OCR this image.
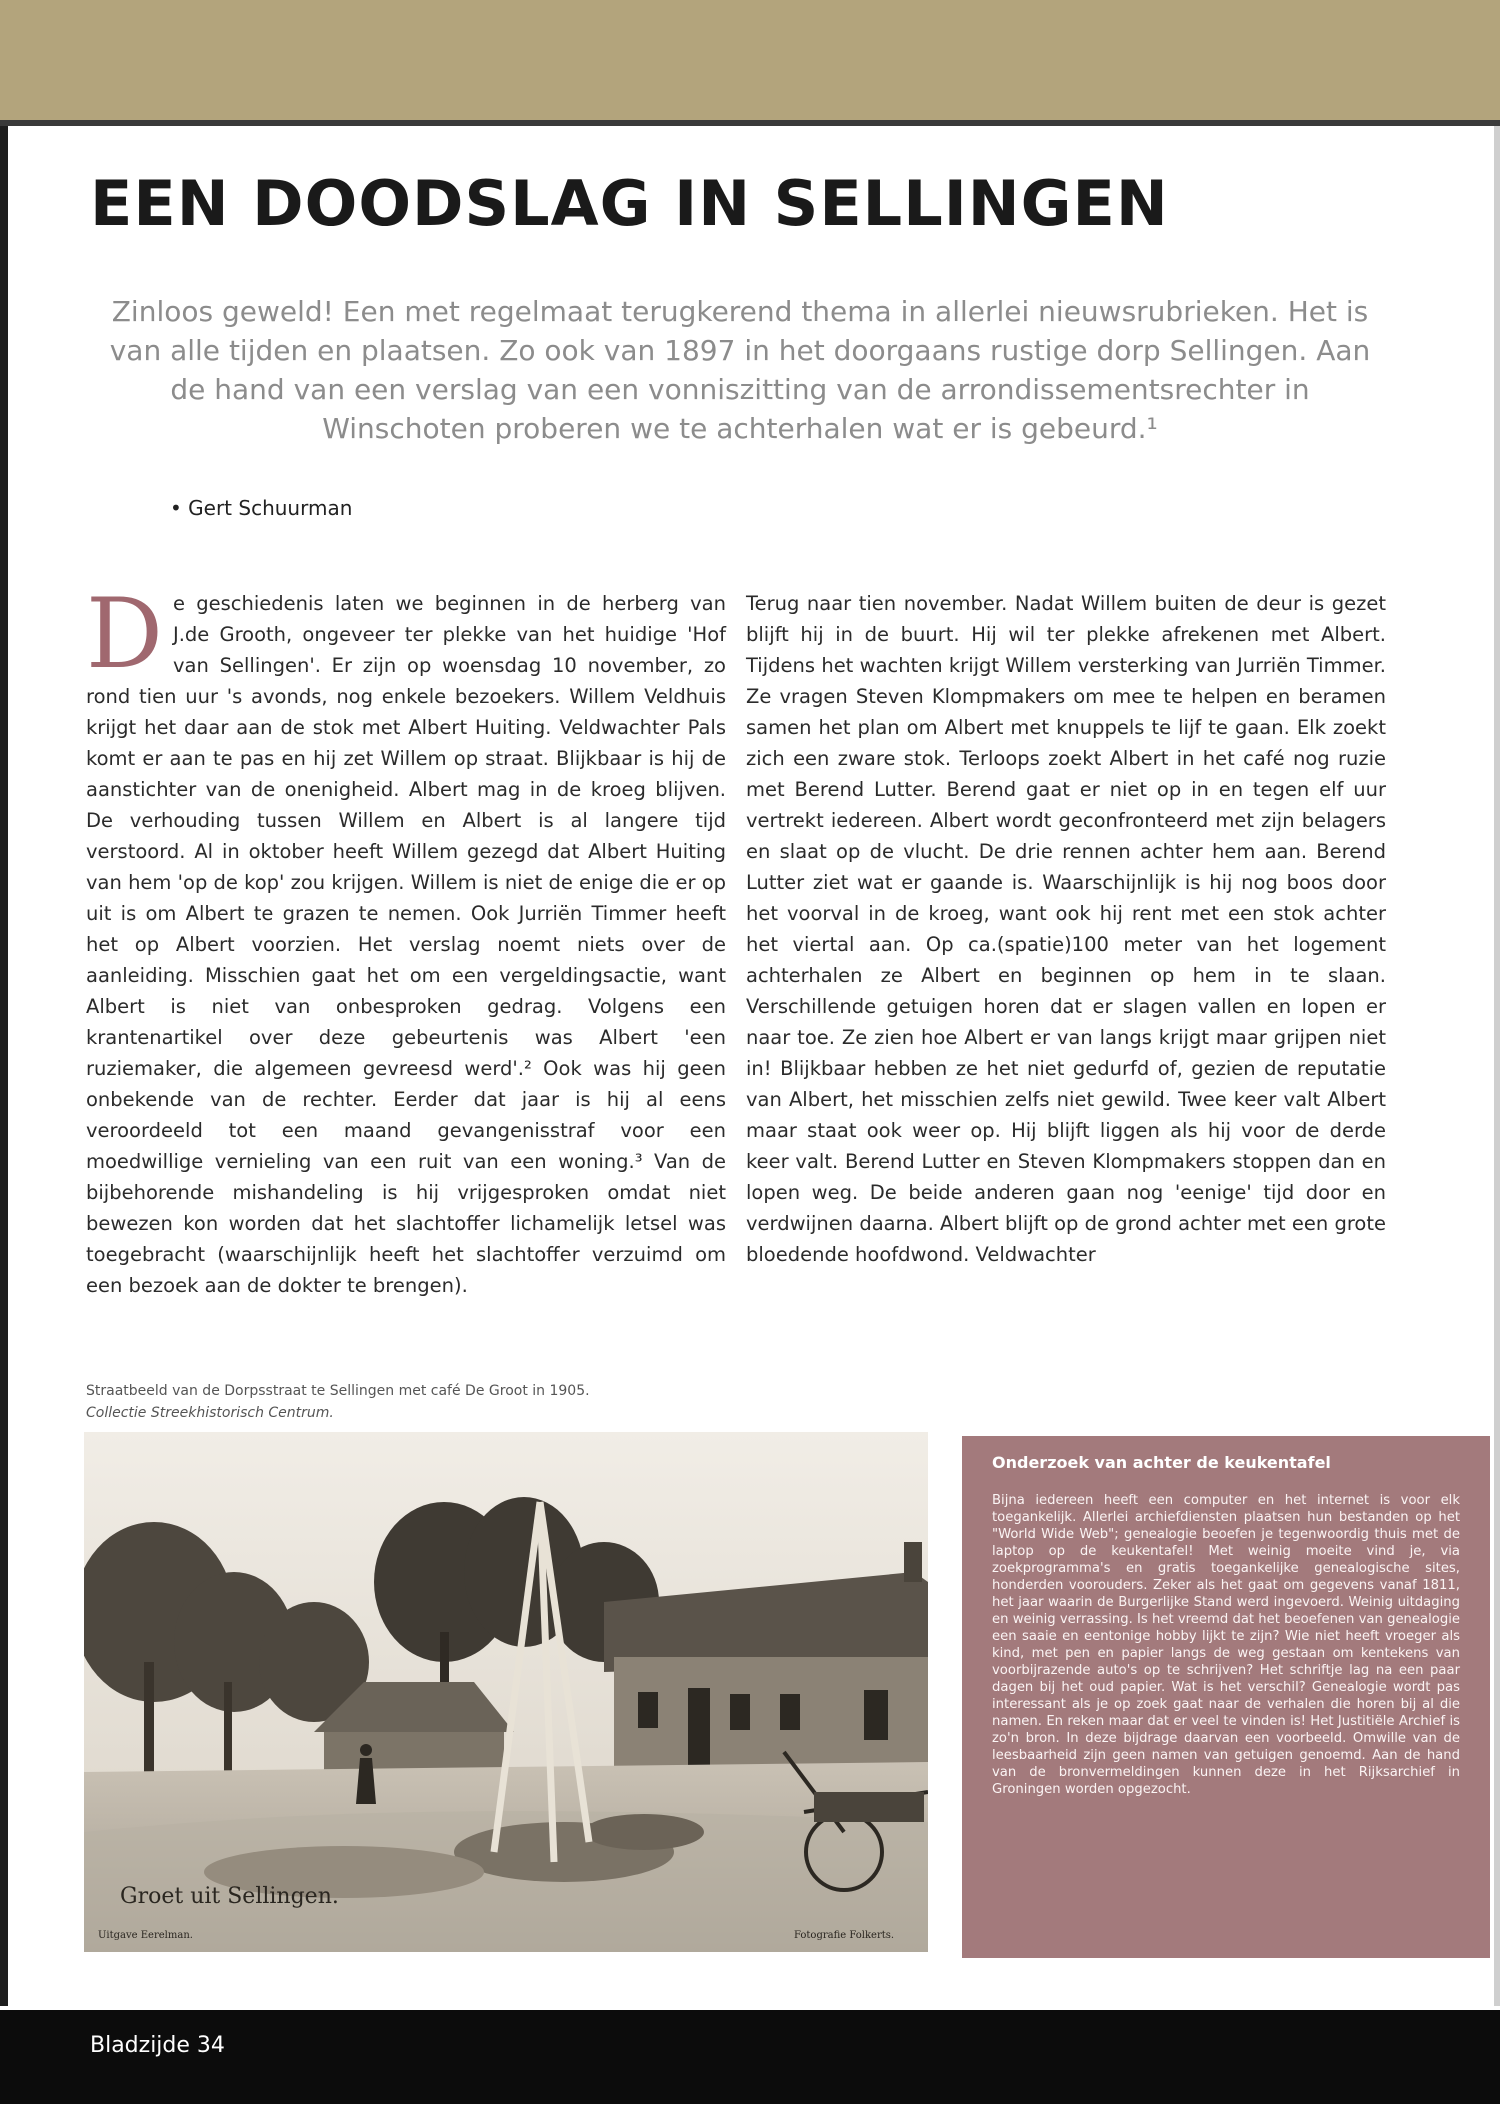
EEN DOODSLAG IN SELLINGEN

Zinloos geweld! Een met regelmaat terugkerend thema in allerlei nieuwsrubrieken. Het is van alle tijden en plaatsen. Zo ook van 1897 in het doorgaans rustige dorp Sellingen. Aan de hand van een verslag van een vonniszitting van de arrondissementsrechter in Winschoten proberen we te achterhalen wat er is gebeurd.¹

• Gert Schuurman

D e geschiedenis laten we beginnen in de herberg van J.de Grooth, ongeveer ter plekke van het huidige 'Hof van Sellingen'. Er zijn op woensdag 10 november, zo rond tien uur 's avonds, nog enkele bezoekers. Willem Veldhuis krijgt het daar aan de stok met Albert Huiting. Veldwachter Pals komt er aan te pas en hij zet Willem op straat. Blijkbaar is hij de aanstichter van de onenigheid. Albert mag in de kroeg blijven. De verhouding tussen Willem en Albert is al langere tijd verstoord. Al in oktober heeft Willem gezegd dat Albert Huiting van hem 'op de kop' zou krijgen. Willem is niet de enige die er op uit is om Albert te grazen te nemen. Ook Jurriën Timmer heeft het op Albert voorzien. Het verslag noemt niets over de aanleiding. Misschien gaat het om een vergeldingsactie, want Albert is niet van onbesproken gedrag. Volgens een krantenartikel over deze gebeurtenis was Albert 'een ruziemaker, die algemeen gevreesd werd'.² Ook was hij geen onbekende van de rechter. Eerder dat jaar is hij al eens veroordeeld tot een maand gevangenisstraf voor een moedwillige vernieling van een ruit van een woning.³ Van de bijbehorende mishandeling is hij vrijgesproken omdat niet bewezen kon worden dat het slachtoffer lichamelijk letsel was toegebracht (waarschijnlijk heeft het slachtoffer verzuimd om een bezoek aan de dokter te brengen).
Terug naar tien november. Nadat Willem buiten de deur is gezet blijft hij in de buurt. Hij wil ter plekke afrekenen met Albert. Tijdens het wachten krijgt Willem versterking van Jurriën Timmer. Ze vragen Steven Klompmakers om mee te helpen en beramen samen het plan om Albert met knuppels te lijf te gaan. Elk zoekt zich een zware stok. Terloops zoekt Albert in het café nog ruzie met Berend Lutter. Berend gaat er niet op in en tegen elf uur vertrekt iedereen. Albert wordt geconfronteerd met zijn belagers en slaat op de vlucht. De drie rennen achter hem aan. Berend Lutter ziet wat er gaande is. Waarschijnlijk is hij nog boos door het voorval in de kroeg, want ook hij rent met een stok achter het viertal aan. Op ca.(spatie)100 meter van het logement achterhalen ze Albert en beginnen op hem in te slaan. Verschillende getuigen horen dat er slagen vallen en lopen er naar toe. Ze zien hoe Albert er van langs krijgt maar grijpen niet in! Blijkbaar hebben ze het niet gedurfd of, gezien de reputatie van Albert, het misschien zelfs niet gewild. Twee keer valt Albert maar staat ook weer op. Hij blijft liggen als hij voor de derde keer valt. Berend Lutter en Steven Klompmakers stoppen dan en lopen weg. De beide anderen gaan nog 'eenige' tijd door en verdwijnen daarna. Albert blijft op de grond achter met een grote bloedende hoofdwond. Veldwachter
Straatbeeld van de Dorpsstraat te Sellingen met café De Groot in 1905.
Collectie Streekhistorisch Centrum.
Groet uit Sellingen.
Uitgave Eerelman.	Fotografie Folkerts.

Onderzoek van achter de keukentafel

Bijna iedereen heeft een computer en het internet is voor elk toegankelijk. Allerlei archiefdiensten plaatsen hun bestanden op het "World Wide Web"; genealogie beoefen je tegenwoordig thuis met de laptop op de keukentafel! Met weinig moeite vind je, via zoekprogramma's en gratis toegankelijke genealogische sites, honderden voorouders. Zeker als het gaat om gegevens vanaf 1811, het jaar waarin de Burgerlijke Stand werd ingevoerd. Weinig uitdaging en weinig verrassing. Is het vreemd dat het beoefenen van genealogie een saaie en eentonige hobby lijkt te zijn? Wie niet heeft vroeger als kind, met pen en papier langs de weg gestaan om kentekens van voorbijrazende auto's op te schrijven? Het schriftje lag na een paar dagen bij het oud papier. Wat is het verschil? Genealogie wordt pas interessant als je op zoek gaat naar de verhalen die horen bij al die namen. En reken maar dat er veel te vinden is! Het Justitiële Archief is zo'n bron. In deze bijdrage daarvan een voorbeeld. Omwille van de leesbaarheid zijn geen namen van getuigen genoemd. Aan de hand van de bronvermeldingen kunnen deze in het Rijksarchief in Groningen worden opgezocht.

Bladzijde 34
